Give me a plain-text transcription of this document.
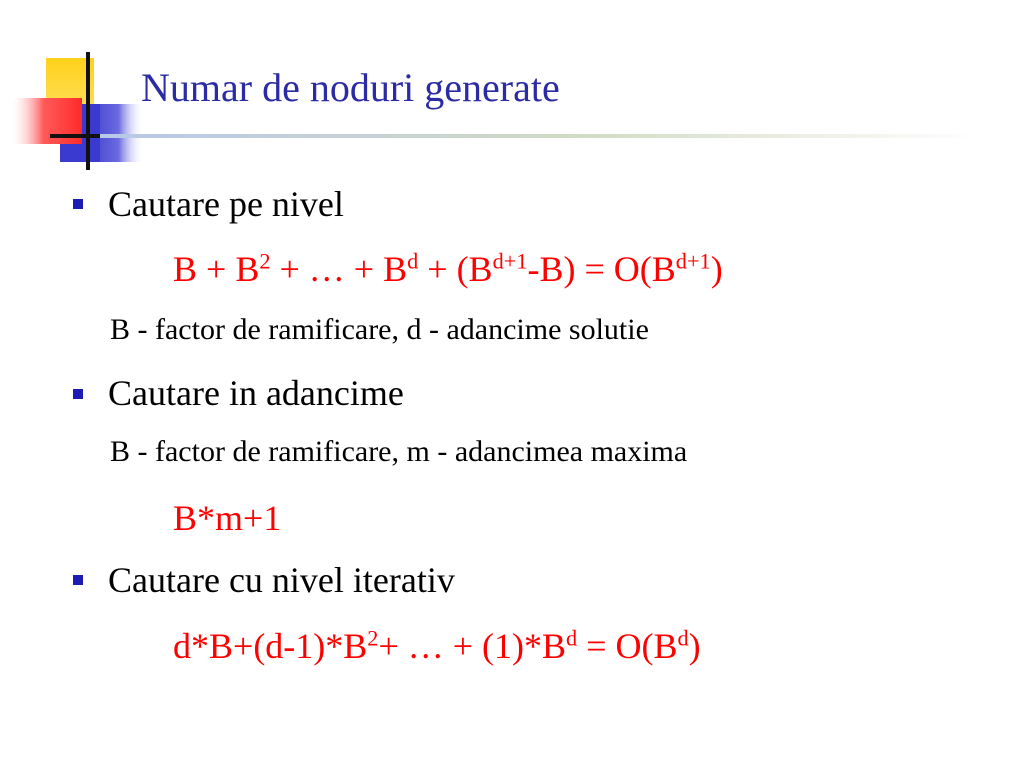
Numar de noduri generate
Cautare pe nivel
$B + B^2$ + … + $B^d + (B^{d+1}-B) = O(B^{d+1})$
B - factor de ramificare, d - adancime solutie
Cautare in adancime
B - factor de ramificare, m - adancimea maxima
B*m+1
Cautare cu nivel iterativ
$d*B+(d-1)*B^2+$ … + $(1)*B^d = O(B^d)$
